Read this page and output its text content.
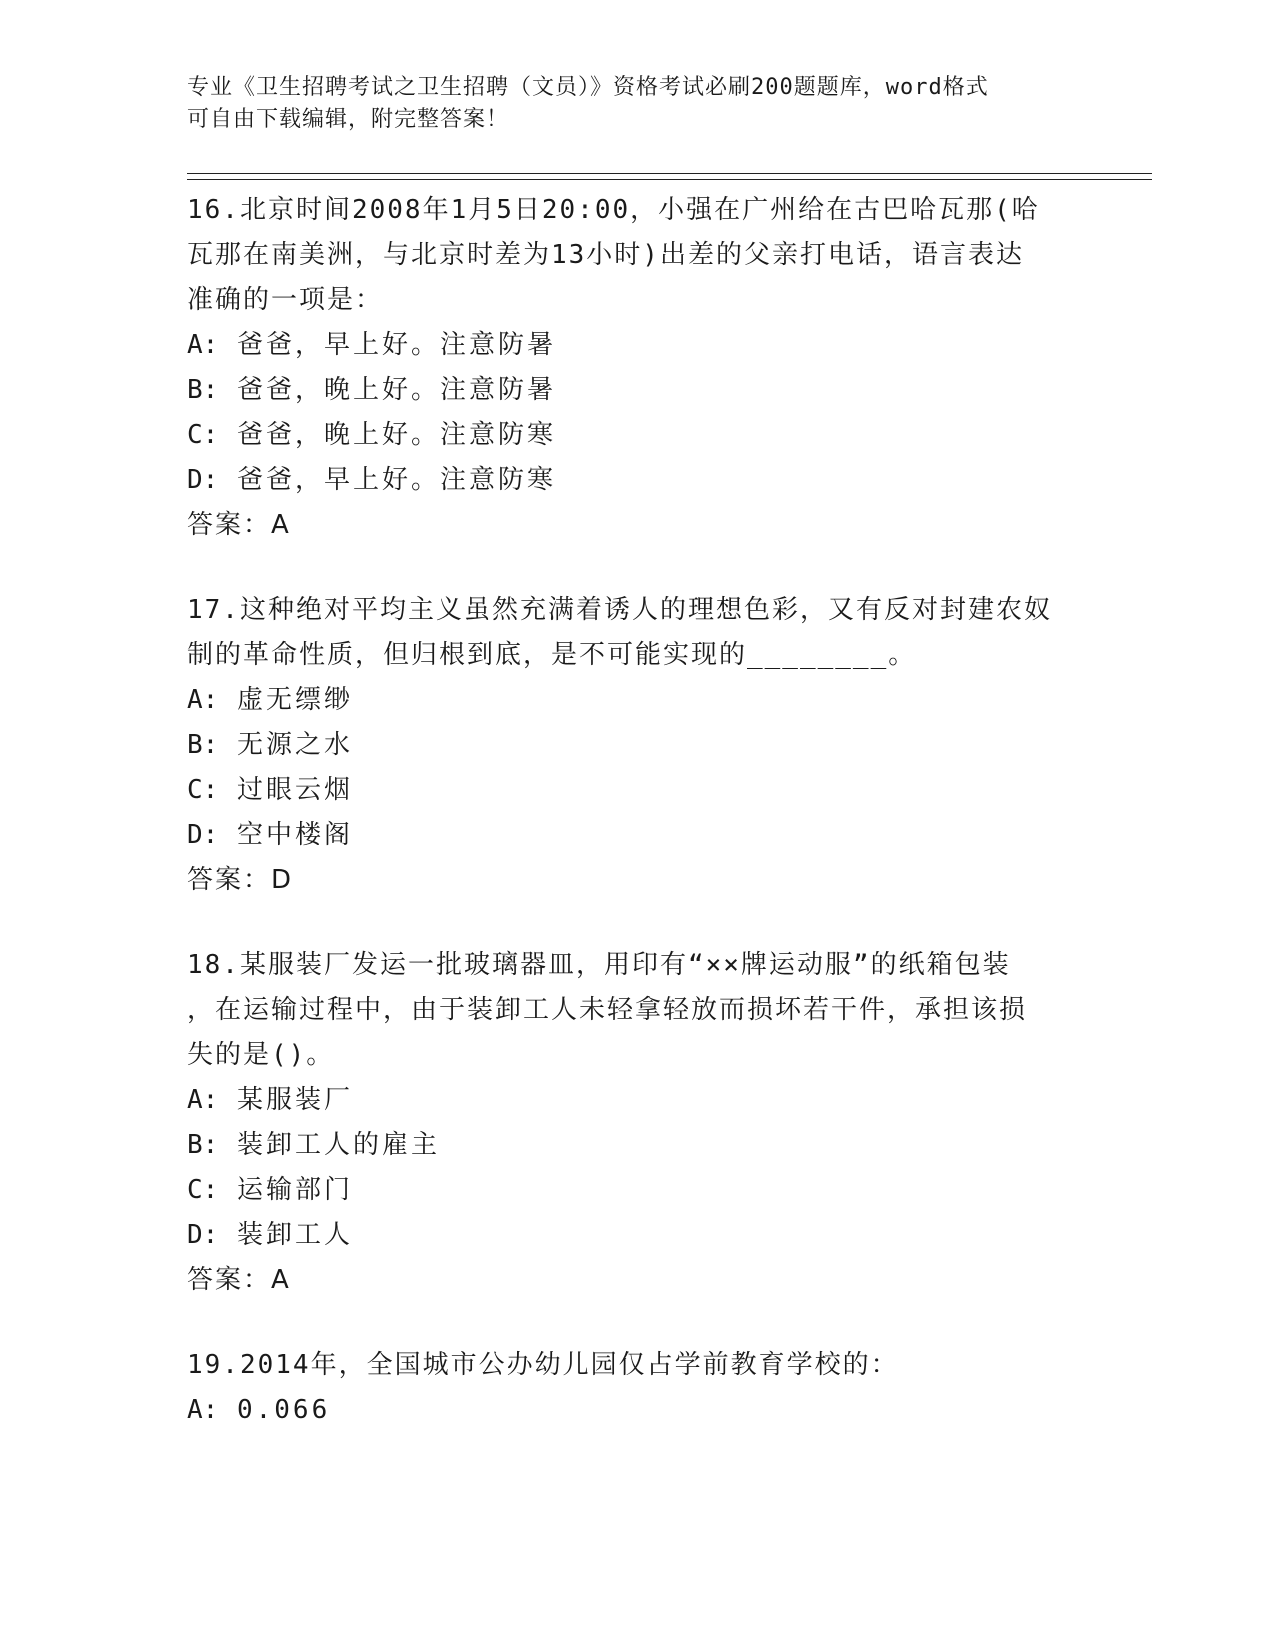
专业《卫生招聘考试之卫生招聘（文员）》资格考试必刷200题题库，word格式
可自由下载编辑，附完整答案！
16.北京时间2008年1月5日20:00，小强在广州给在古巴哈瓦那(哈
瓦那在南美洲，与北京时差为13小时)出差的父亲打电话，语言表达
准确的一项是：
A: 爸爸，早上好。注意防暑
B: 爸爸，晚上好。注意防暑
C: 爸爸，晚上好。注意防寒
D: 爸爸，早上好。注意防寒
答案：A
17.这种绝对平均主义虽然充满着诱人的理想色彩，又有反对封建农奴
制的革命性质，但归根到底，是不可能实现的________。
A: 虚无缥缈
B: 无源之水
C: 过眼云烟
D: 空中楼阁
答案：D
18.某服装厂发运一批玻璃器皿，用印有“××牌运动服”的纸箱包装
，在运输过程中，由于装卸工人未轻拿轻放而损坏若干件，承担该损
失的是()。
A: 某服装厂
B: 装卸工人的雇主
C: 运输部门
D: 装卸工人
答案：A
19.2014年，全国城市公办幼儿园仅占学前教育学校的：
A: 0.066
